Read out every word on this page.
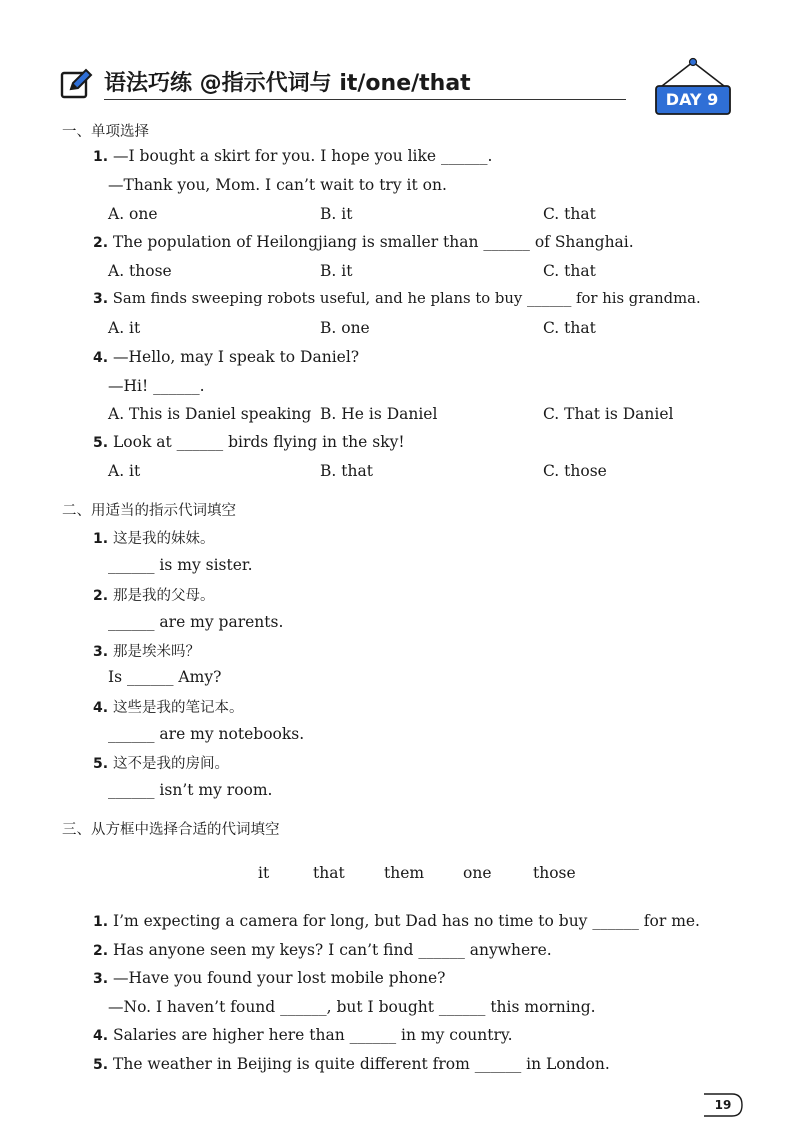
语法巧练 @指示代词与 it/one/that
DAY 9
一、单项选择
1. —I bought a skirt for you. I hope you like ______.
—Thank you, Mom. I can’t wait to try it on.
A. one	B. it	C. that
2. The population of Heilongjiang is smaller than ______ of Shanghai.
A. those	B. it	C. that
3. Sam finds sweeping robots useful, and he plans to buy ______ for his grandma.
A. it	B. one	C. that
4. —Hello, may I speak to Daniel?
—Hi! ______.
A. This is Daniel speaking B. He is Daniel	C. That is Daniel
5. Look at ______ birds flying in the sky!
A. it	B. that	C. those
二、用适当的指示代词填空
1. 这是我的妹妹。
______ is my sister.
2. 那是我的父母。
______ are my parents.
3. 那是埃米吗？
Is ______ Amy?
4. 这些是我的笔记本。
______ are my notebooks.
5. 这不是我的房间。
______ isn’t my room.
三、从方框中选择合适的代词填空
it	that	them	one	those
1. I’m expecting a camera for long, but Dad has no time to buy ______ for me.
2. Has anyone seen my keys? I can’t find ______ anywhere.
3. —Have you found your lost mobile phone?
—No. I haven’t found ______, but I bought ______ this morning.
4. Salaries are higher here than ______ in my country.
5. The weather in Beijing is quite different from ______ in London.
19
